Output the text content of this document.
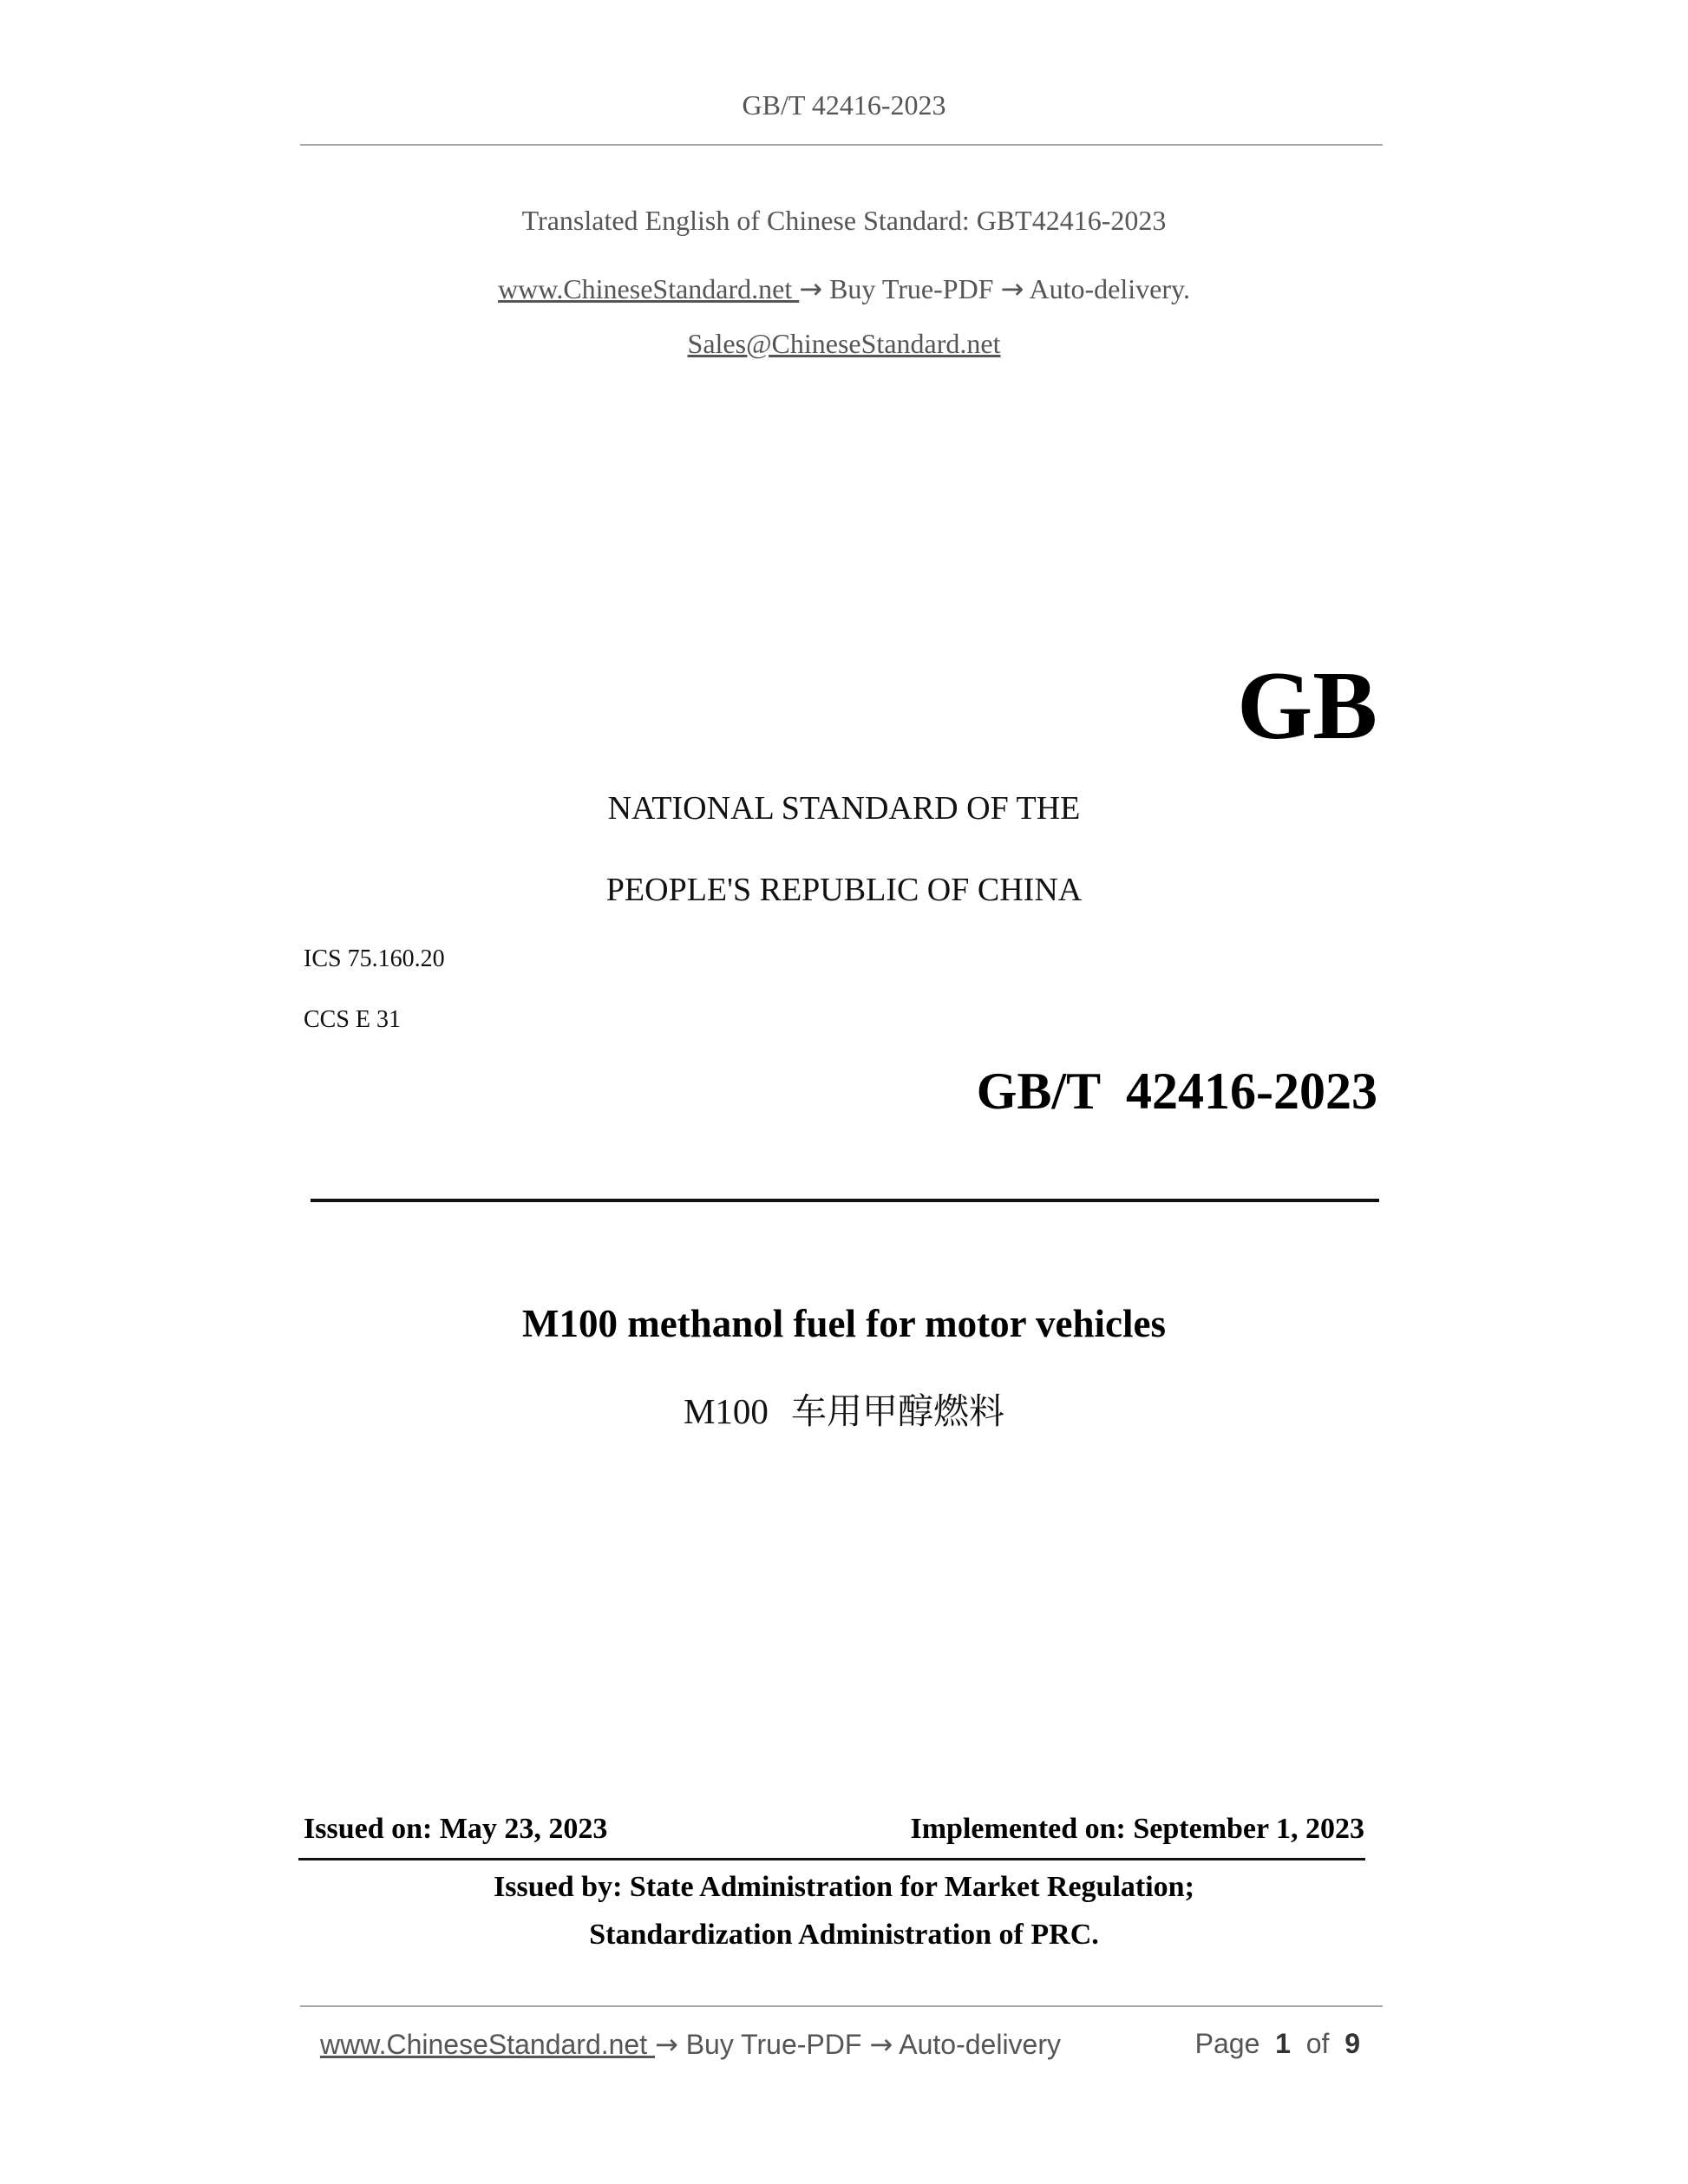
GB/T 42416-2023
Translated English of Chinese Standard: GBT42416-2023
www.ChineseStandard.net → Buy True-PDF → Auto-delivery.
Sales@ChineseStandard.net
GB
NATIONAL STANDARD OF THE
PEOPLE'S REPUBLIC OF CHINA
ICS 75.160.20
CCS E 31
GB/T  42416-2023
M100 methanol fuel for motor vehicles
M100 车用甲醇燃料
Issued on: May 23, 2023	Implemented on: September 1, 2023
Issued by: State Administration for Market Regulation;
Standardization Administration of PRC.
www.ChineseStandard.net → Buy True-PDF → Auto-delivery	Page 1 of 9
